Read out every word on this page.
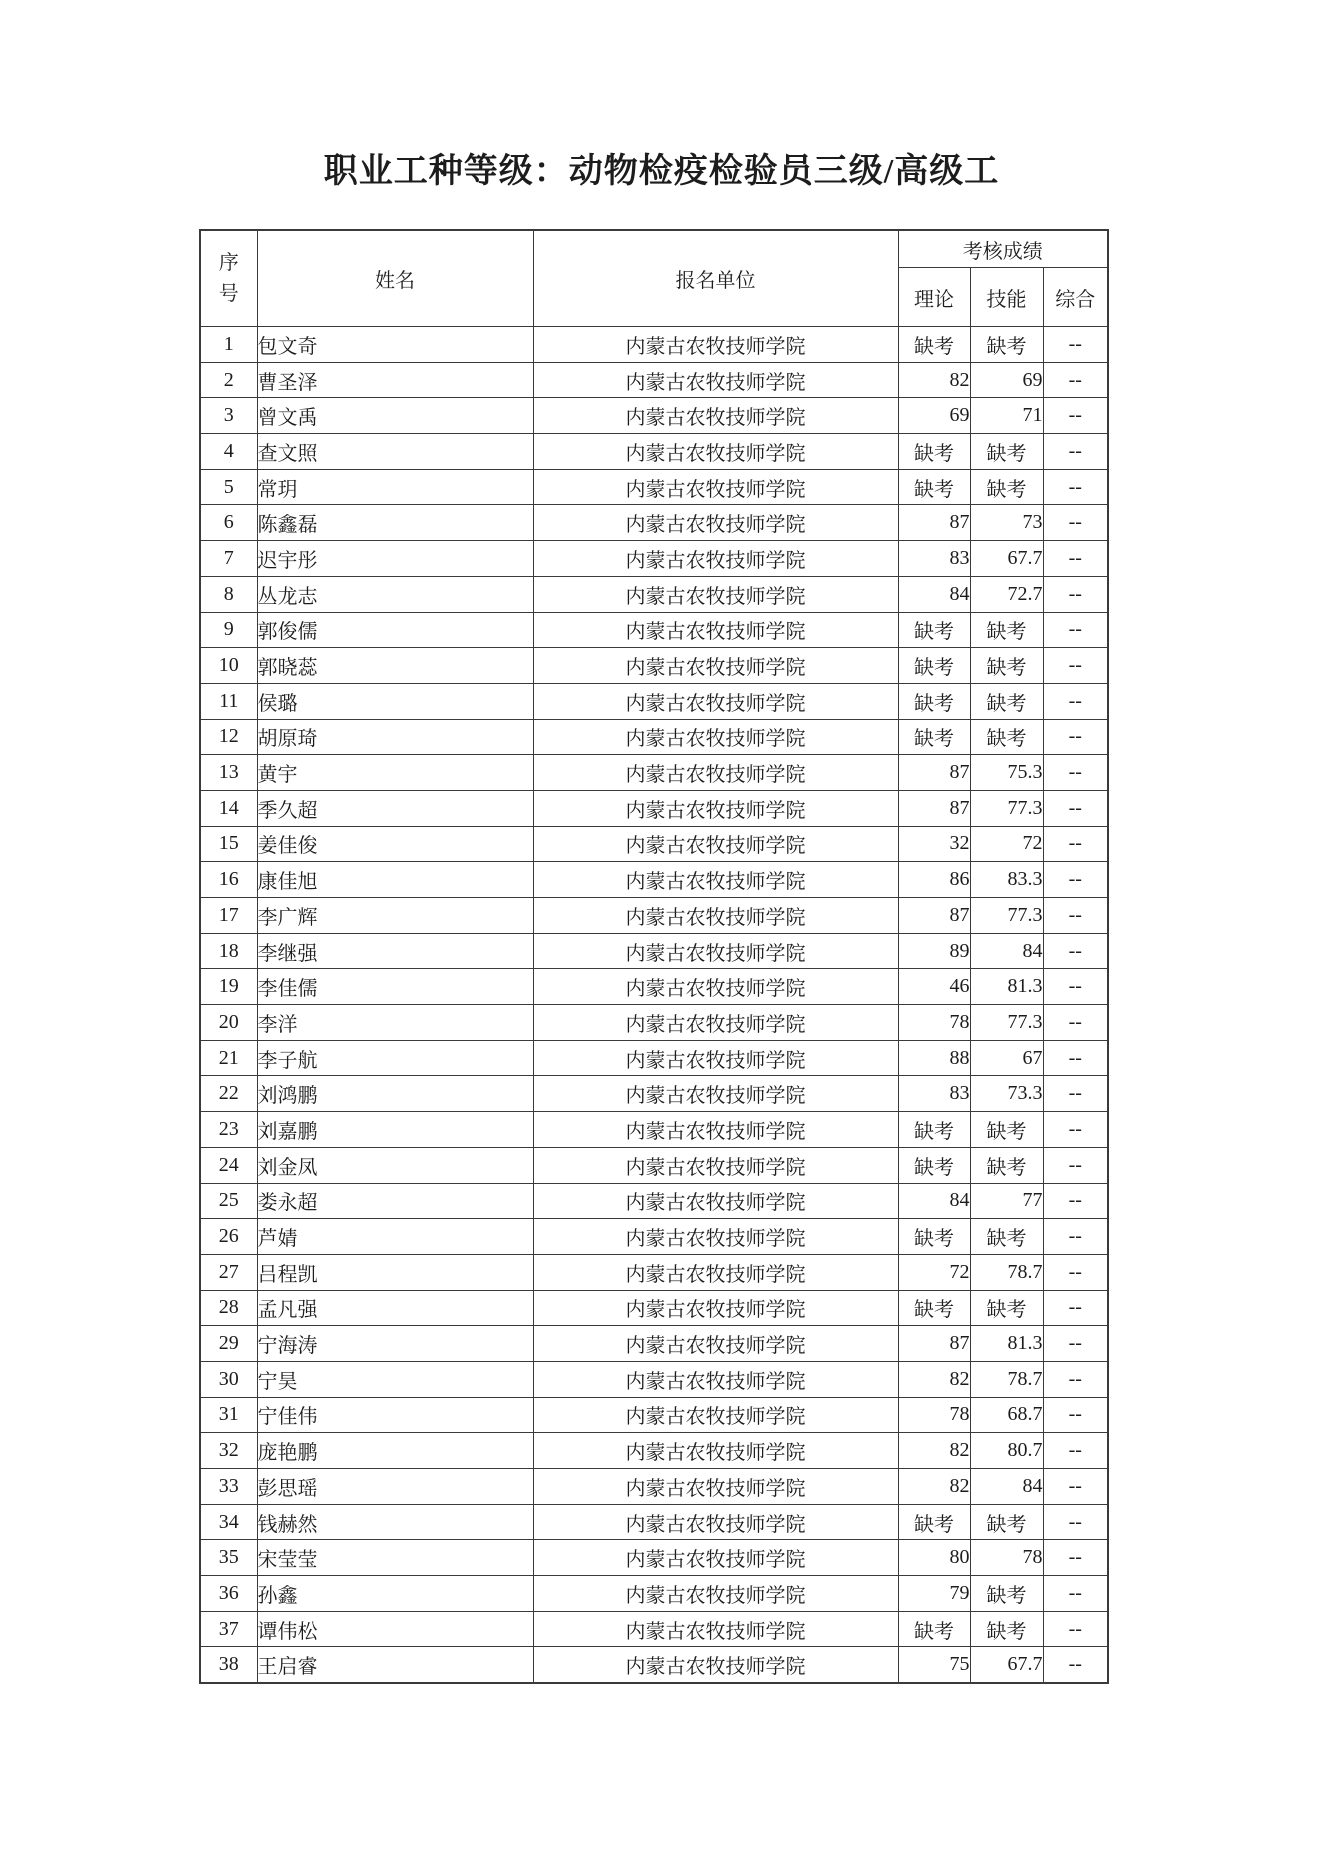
职业工种等级：动物检疫检验员三级/高级工
序号	姓名	报名单位	考核成绩		
			理论	技能	综合
1	包文奇	内蒙古农牧技师学院	缺考	缺考	--
2	曹圣泽	内蒙古农牧技师学院	82	69	--
3	曾文禹	内蒙古农牧技师学院	69	71	--
4	查文照	内蒙古农牧技师学院	缺考	缺考	--
5	常玥	内蒙古农牧技师学院	缺考	缺考	--
6	陈鑫磊	内蒙古农牧技师学院	87	73	--
7	迟宇彤	内蒙古农牧技师学院	83	67.7	--
8	丛龙志	内蒙古农牧技师学院	84	72.7	--
9	郭俊儒	内蒙古农牧技师学院	缺考	缺考	--
10	郭晓蕊	内蒙古农牧技师学院	缺考	缺考	--
11	侯璐	内蒙古农牧技师学院	缺考	缺考	--
12	胡原琦	内蒙古农牧技师学院	缺考	缺考	--
13	黄宇	内蒙古农牧技师学院	87	75.3	--
14	季久超	内蒙古农牧技师学院	87	77.3	--
15	姜佳俊	内蒙古农牧技师学院	32	72	--
16	康佳旭	内蒙古农牧技师学院	86	83.3	--
17	李广辉	内蒙古农牧技师学院	87	77.3	--
18	李继强	内蒙古农牧技师学院	89	84	--
19	李佳儒	内蒙古农牧技师学院	46	81.3	--
20	李洋	内蒙古农牧技师学院	78	77.3	--
21	李子航	内蒙古农牧技师学院	88	67	--
22	刘鸿鹏	内蒙古农牧技师学院	83	73.3	--
23	刘嘉鹏	内蒙古农牧技师学院	缺考	缺考	--
24	刘金凤	内蒙古农牧技师学院	缺考	缺考	--
25	娄永超	内蒙古农牧技师学院	84	77	--
26	芦婧	内蒙古农牧技师学院	缺考	缺考	--
27	吕程凯	内蒙古农牧技师学院	72	78.7	--
28	孟凡强	内蒙古农牧技师学院	缺考	缺考	--
29	宁海涛	内蒙古农牧技师学院	87	81.3	--
30	宁昊	内蒙古农牧技师学院	82	78.7	--
31	宁佳伟	内蒙古农牧技师学院	78	68.7	--
32	庞艳鹏	内蒙古农牧技师学院	82	80.7	--
33	彭思瑶	内蒙古农牧技师学院	82	84	--
34	钱赫然	内蒙古农牧技师学院	缺考	缺考	--
35	宋莹莹	内蒙古农牧技师学院	80	78	--
36	孙鑫	内蒙古农牧技师学院	79	缺考	--
37	谭伟松	内蒙古农牧技师学院	缺考	缺考	--
38	王启睿	内蒙古农牧技师学院	75	67.7	--
